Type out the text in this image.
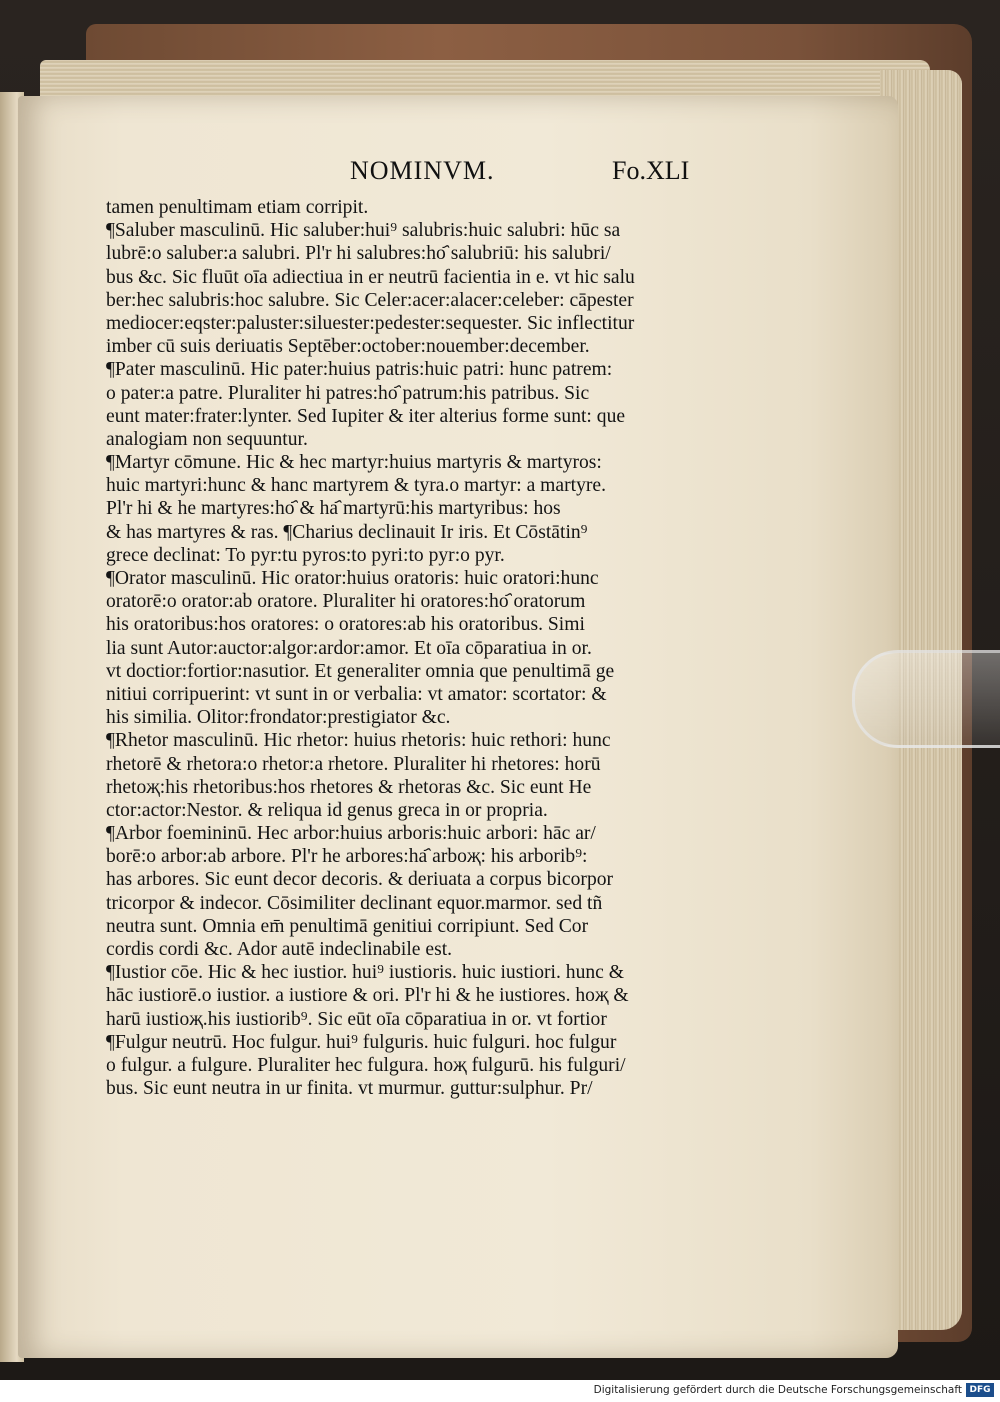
NOMINVM.	Fo.XLI
tamen penultimam etiam corripit.
¶Saluber masculinū. Hic saluber:hui⁹ salubris:huic salubri: hūc sa
lubrē:o saluber:a salubri. Pl'r hi salubres:ho҄ salubriū: his salubri/
bus &c. Sic fluūt oīa adiectiua in er neutrū facientia in e. vt hic salu
ber:hec salubris:hoc salubre. Sic Celer:acer:alacer:celeber: cāpester
mediocer:eqster:paluster:siluester:pedester:sequester. Sic inflectitur
imber cū suis deriuatis Septēber:october:nouember:december.
¶Pater masculinū. Hic pater:huius patris:huic patri: hunc patrem:
o pater:a patre. Pluraliter hi patres:ho҄ patrum:his patribus. Sic
eunt mater:frater:lynter. Sed Iupiter & iter alterius forme sunt: que
analogiam non sequuntur.
¶Martyr cōmune. Hic & hec martyr:huius martyris & martyros:
huic martyri:hunc & hanc martyrem & tyra.o martyr: a martyre.
Pl'r hi & he martyres:ho҄ & ha҄ martyrū:his martyribus: hos
& has martyres & ras. ¶Charius declinauit Ir iris. Et Cōstātin⁹
grece declinat: To pyr:tu pyros:to pyri:to pyr:o pyr.
¶Orator masculinū. Hic orator:huius oratoris: huic oratori:hunc
oratorē:o orator:ab oratore. Pluraliter hi oratores:ho҄ oratorum
his oratoribus:hos oratores: o oratores:ab his oratoribus. Simi
lia sunt Autor:auctor:algor:ardor:amor. Et oīa cōparatiua in or.
vt doctior:fortior:nasutior. Et generaliter omnia que penultimā ge
nitiui corripuerint: vt sunt in or verbalia: vt amator: scortator: &
his similia. Olitor:frondator:prestigiator &c.
¶Rhetor masculinū. Hic rhetor: huius rhetoris: huic rethori: hunc
rhetorē & rhetora:o rhetor:a rhetore. Pluraliter hi rhetores: horū
rhetoҗ:his rhetoribus:hos rhetores & rhetoras &c. Sic eunt He
ctor:actor:Nestor. & reliqua id genus greca in or propria.
¶Arbor foemininū. Hec arbor:huius arboris:huic arbori: hāc ar/
borē:o arbor:ab arbore. Pl'r he arbores:ha҄ arboҗ: his arborib⁹:
has arbores. Sic eunt decor decoris. & deriuata a corpus bicorpor
tricorpor & indecor. Cōsimiliter declinant equor.marmor. sed tñ
neutra sunt. Omnia em̄ penultimā genitiui corripiunt. Sed Cor
cordis cordi &c. Ador autē indeclinabile est.
¶Iustior cōe. Hic & hec iustior. hui⁹ iustioris. huic iustiori. hunc &
hāc iustiorē.o iustior. a iustiore & ori. Pl'r hi & he iustiores. hoҗ &
harū iustioҗ.his iustiorib⁹. Sic eūt oīa cōparatiua in or. vt fortior
¶Fulgur neutrū. Hoc fulgur. hui⁹ fulguris. huic fulguri. hoc fulgur
o fulgur. a fulgure. Pluraliter hec fulgura. hoҗ fulgurū. his fulguri/
bus. Sic eunt neutra in ur finita. vt murmur. guttur:sulphur. Pr/
Digitalisierung gefördert durch die Deutsche Forschungsgemeinschaft DFG
